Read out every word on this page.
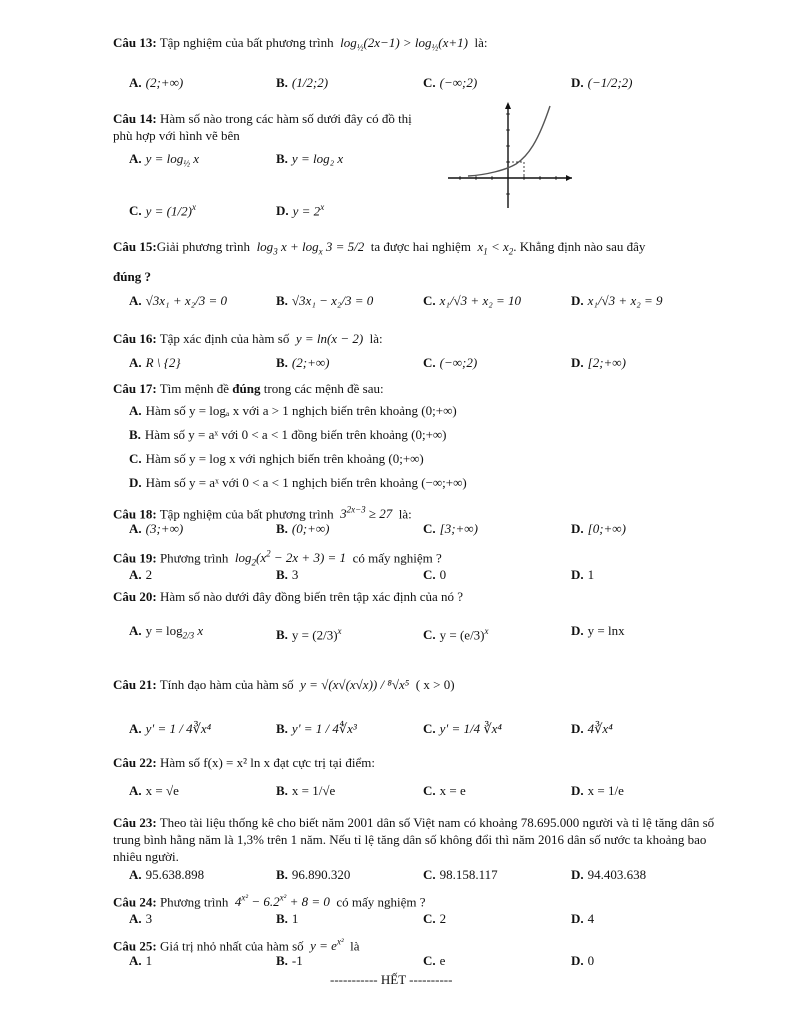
Câu 13: Tập nghiệm của bất phương trình  $\log_{\frac{1}{2}}(2x-1) > \log_{\frac{1}{2}}(x+1)$  là:
A. (2;+∞)	B. (1/2;2)	C. (−∞;2)	D. (−1/2;2)
Câu 14: Hàm số nào trong các hàm số dưới đây có đồ thị phù hợp với hình vẽ bên
A. $y = \log_{\frac{1}{2}} x$	B. y = log₂ x
C. $y = (1/2)^x$	D. $y = 2^x$
Câu 15:Giải phương trình  $\log_3 x + \log_x 3 = 5/2$  ta được hai nghiệm  $x_1 < x_2$. Khẳng định nào sau đây
đúng ?
A. √3x₁ + x₂/3 = 0	B. √3x₁ − x₂/3 = 0	C. x₁/√3 + x₂ = 10	D. x₁/√3 + x₂ = 9
Câu 16: Tập xác định của hàm số  y = ln(x − 2)  là:
A. R \ {2}	B. (2;+∞)	C. (−∞;2)	D. [2;+∞)
Câu 17: Tìm mệnh đề đúng trong các mệnh đề sau:
A. Hàm số y = logₐ x với a > 1 nghịch biến trên khoảng (0;+∞)
B. Hàm số y = aˣ với 0 < a < 1 đồng biến trên khoảng (0;+∞)
C. Hàm số y = log x với nghịch biến trên khoảng (0;+∞)
D. Hàm số y = aˣ với 0 < a < 1 nghịch biến trên khoảng (−∞;+∞)
Câu 18: Tập nghiệm của bất phương trình  $3^{2x-3} \ge 27$  là:
A. (3;+∞)	B. (0;+∞)	C. [3;+∞)	D. [0;+∞)
Câu 19: Phương trình  $\log_2(x^2 - 2x + 3) = 1$  có mấy nghiệm ?
A. 2	B. 3	C. 0	D. 1
Câu 20: Hàm số nào dưới đây đồng biến trên tập xác định của nó ?
A. $y = \log_{2/3} x$	B. $y = (2/3)^x$	C. $y = (e/3)^x$	D. y = lnx
Câu 21: Tính đạo hàm của hàm số  y = √(x√(x√x)) / ⁸√x⁵  ( x > 0)
A. y' = 1 / 4∛x⁴	B. y' = 1 / 4∜x³	C. y' = 1/4 ∛x⁴	D. 4∛x⁴
Câu 22: Hàm số f(x) = x² ln x đạt cực trị tại điểm:
A. x = √e	B. x = 1/√e	C. x = e	D. x = 1/e
Câu 23: Theo tài liệu thống kê cho biết năm 2001 dân số Việt nam có khoảng 78.695.000 người và tỉ lệ tăng dân số trung bình hằng năm là 1,3% trên 1 năm. Nếu tỉ lệ tăng dân số không đổi thì năm 2016 dân số nước ta khoảng bao nhiêu người.
A. 95.638.898	B. 96.890.320	C. 98.158.117	D. 94.403.638
Câu 24: Phương trình  $4^{x^2} - 6.2^{x^2} + 8 = 0$  có mấy nghiệm ?
A. 3	B. 1	C. 2	D. 4
Câu 25: Giá trị nhỏ nhất của hàm số  $y = e^{x^2}$ là
A. 1	B. -1	C. e	D. 0
----------- HẾT ----------
